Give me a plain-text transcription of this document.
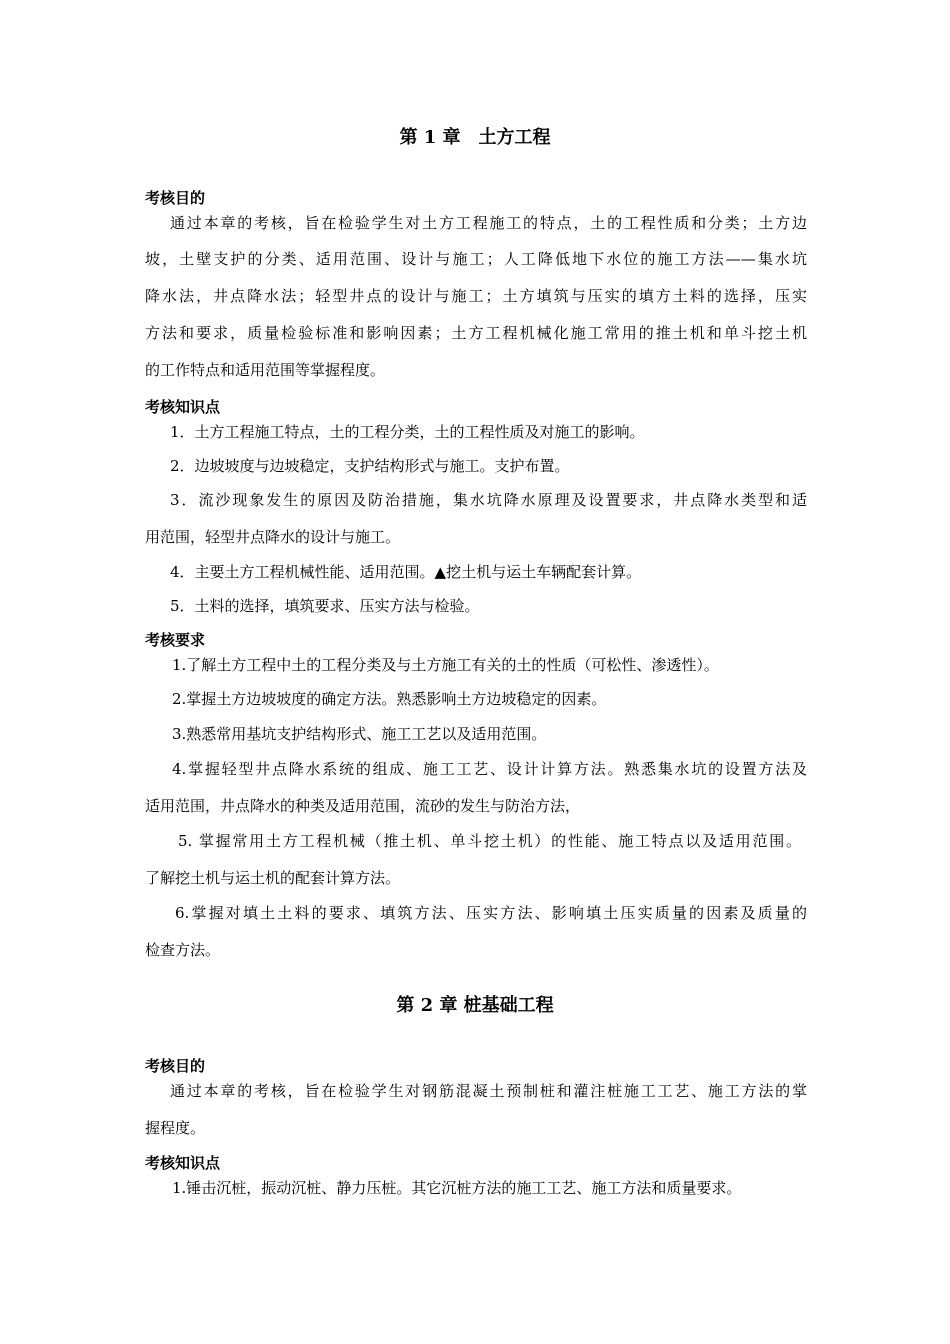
第 1 章　土方工程
考核目的
通过本章的考核，旨在检验学生对土方工程施工的特点，土的工程性质和分类；土方边
坡，土壁支护的分类、适用范围、设计与施工；人工降低地下水位的施工方法——集水坑
降水法，井点降水法；轻型井点的设计与施工；土方填筑与压实的填方土料的选择，压实
方法和要求，质量检验标准和影响因素；土方工程机械化施工常用的推土机和单斗挖土机
的工作特点和适用范围等掌握程度。
考核知识点
1．土方工程施工特点，土的工程分类，土的工程性质及对施工的影响。
2．边坡坡度与边坡稳定，支护结构形式与施工。支护布置。
3．流沙现象发生的原因及防治措施，集水坑降水原理及设置要求，井点降水类型和适
用范围，轻型井点降水的设计与施工。
4．主要土方工程机械性能、适用范围。▲挖土机与运土车辆配套计算。
5．土料的选择，填筑要求、压实方法与检验。
考核要求
1.了解土方工程中土的工程分类及与土方施工有关的土的性质（可松性、渗透性）。
2.掌握土方边坡坡度的确定方法。熟悉影响土方边坡稳定的因素。
3.熟悉常用基坑支护结构形式、施工工艺以及适用范围。
4.掌握轻型井点降水系统的组成、施工工艺、设计计算方法。熟悉集水坑的设置方法及
适用范围，井点降水的种类及适用范围，流砂的发生与防治方法，
5. 掌握常用土方工程机械（推土机、单斗挖土机）的性能、施工特点以及适用范围。
了解挖土机与运土机的配套计算方法。
6.掌握对填土土料的要求、填筑方法、压实方法、影响填土压实质量的因素及质量的
检查方法。
第 2 章 桩基础工程
考核目的
通过本章的考核，旨在检验学生对钢筋混凝土预制桩和灌注桩施工工艺、施工方法的掌
握程度。
考核知识点
1.锤击沉桩，振动沉桩、静力压桩。其它沉桩方法的施工工艺、施工方法和质量要求。
